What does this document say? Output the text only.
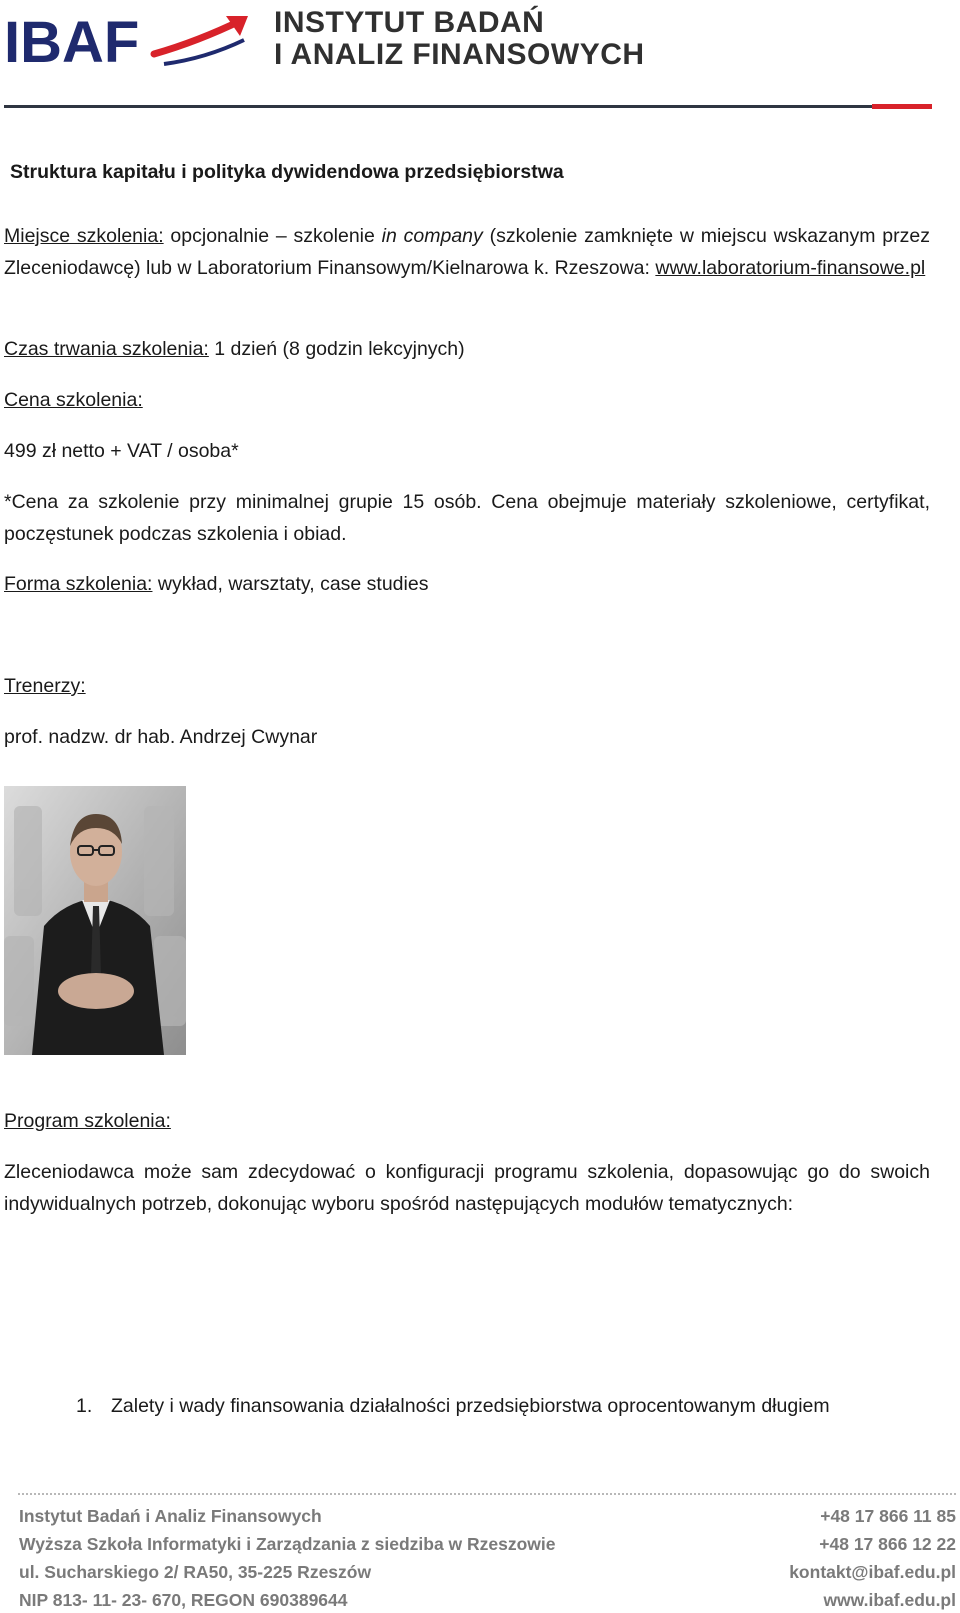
IBAF	INSTYTUT BADAŃ
I ANALIZ FINANSOWYCH
Struktura kapitału i polityka dywidendowa przedsiębiorstwa
Miejsce szkolenia: opcjonalnie – szkolenie in company (szkolenie zamknięte w miejscu wskazanym przez Zleceniodawcę) lub w Laboratorium Finansowym/Kielnarowa k. Rzeszowa: www.laboratorium-finansowe.pl
Czas trwania szkolenia: 1 dzień (8 godzin lekcyjnych)
Cena szkolenia:
499 zł netto + VAT / osoba*
*Cena za szkolenie przy minimalnej grupie 15 osób. Cena obejmuje materiały szkoleniowe, certyfikat, poczęstunek podczas szkolenia i obiad.
Forma szkolenia: wykład, warsztaty, case studies
Trenerzy:
prof. nadzw. dr hab. Andrzej Cwynar
Program szkolenia:
Zleceniodawca może sam zdecydować o konfiguracji programu szkolenia, dopasowując go do swoich indywidualnych potrzeb, dokonując wyboru spośród następujących modułów tematycznych:
1. Zalety i wady finansowania działalności przedsiębiorstwa oprocentowanym długiem
Instytut Badań i Analiz Finansowych
Wyższa Szkoła Informatyki i Zarządzania z siedziba w Rzeszowie
ul. Sucharskiego 2/ RA50, 35-225 Rzeszów
NIP 813- 11- 23- 670, REGON 690389644
+48 17 866 11 85
+48 17 866 12 22
kontakt@ibaf.edu.pl
www.ibaf.edu.pl
